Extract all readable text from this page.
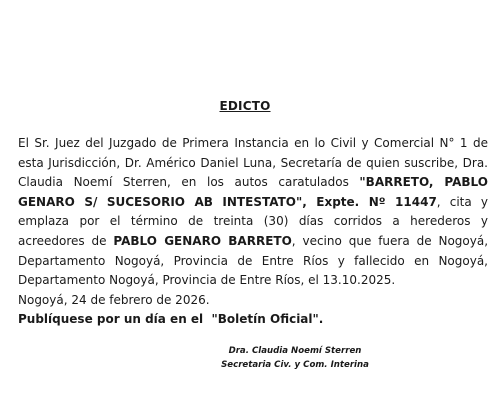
EDICTO
El Sr. Juez del Juzgado de Primera Instancia en lo Civil y Comercial N° 1 de
esta Jurisdicción, Dr. Américo Daniel Luna, Secretaría de quien suscribe, Dra.
Claudia Noemí Sterren, en los autos caratulados "BARRETO, PABLO
GENARO S/ SUCESORIO AB INTESTATO", Expte. Nº 11447, cita y
emplaza por el término de treinta (30) días corridos a herederos y
acreedores de PABLO GENARO BARRETO, vecino que fuera de Nogoyá,
Departamento Nogoyá, Provincia de Entre Ríos y fallecido en Nogoyá,
Departamento Nogoyá, Provincia de Entre Ríos, el 13.10.2025.
Nogoyá, 24 de febrero de 2026.
Publíquese por un día en el  "Boletín Oficial".
Dra. Claudia Noemí Sterren
Secretaria Civ. y Com. Interina
